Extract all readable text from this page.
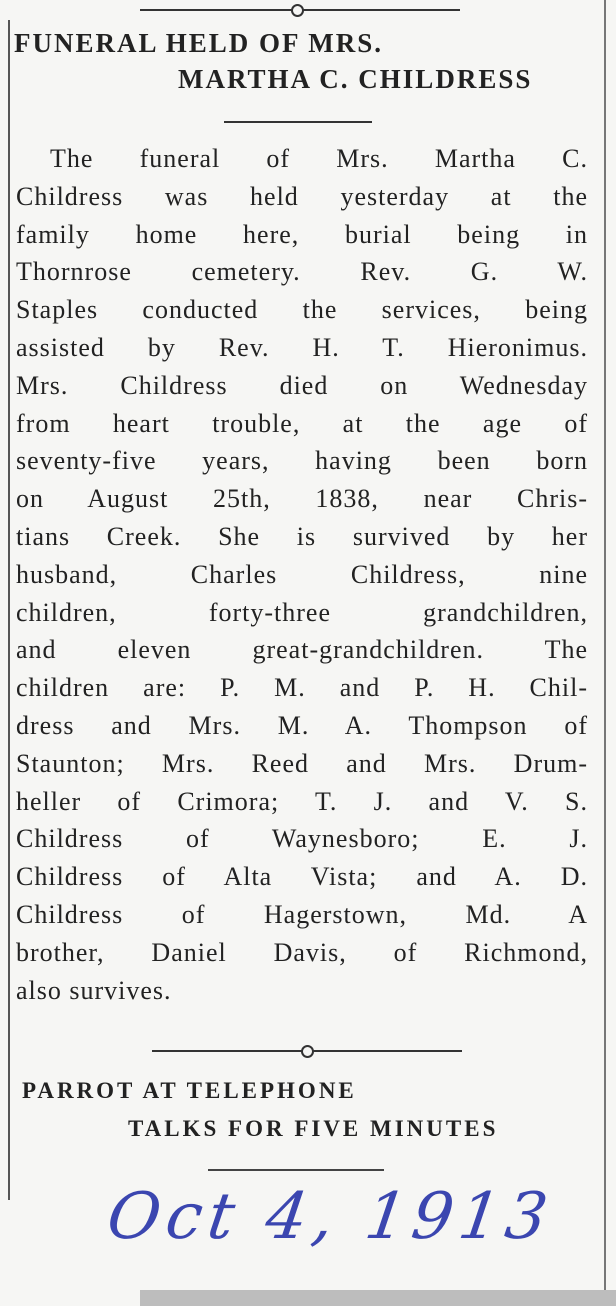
FUNERAL HELD OF MRS.
MARTHA C. CHILDRESS
The funeral of Mrs. Martha C.
Childress was held yesterday at the
family home here, burial being in
Thornrose cemetery. Rev. G. W.
Staples conducted the services, being
assisted by Rev. H. T. Hieronimus.
Mrs. Childress died on Wednesday
from heart trouble, at the age of
seventy-five years, having been born
on August 25th, 1838, near Chris-
tians Creek. She is survived by her
husband, Charles Childress, nine
children, forty-three grandchildren,
and eleven great-grandchildren. The
children are: P. M. and P. H. Chil-
dress and Mrs. M. A. Thompson of
Staunton; Mrs. Reed and Mrs. Drum-
heller of Crimora; T. J. and V. S.
Childress of Waynesboro; E. J.
Childress of Alta Vista; and A. D.
Childress of Hagerstown, Md. A
brother, Daniel Davis, of Richmond,
also survives.
PARROT AT TELEPHONE
TALKS FOR FIVE MINUTES
Oct 4, 1913
